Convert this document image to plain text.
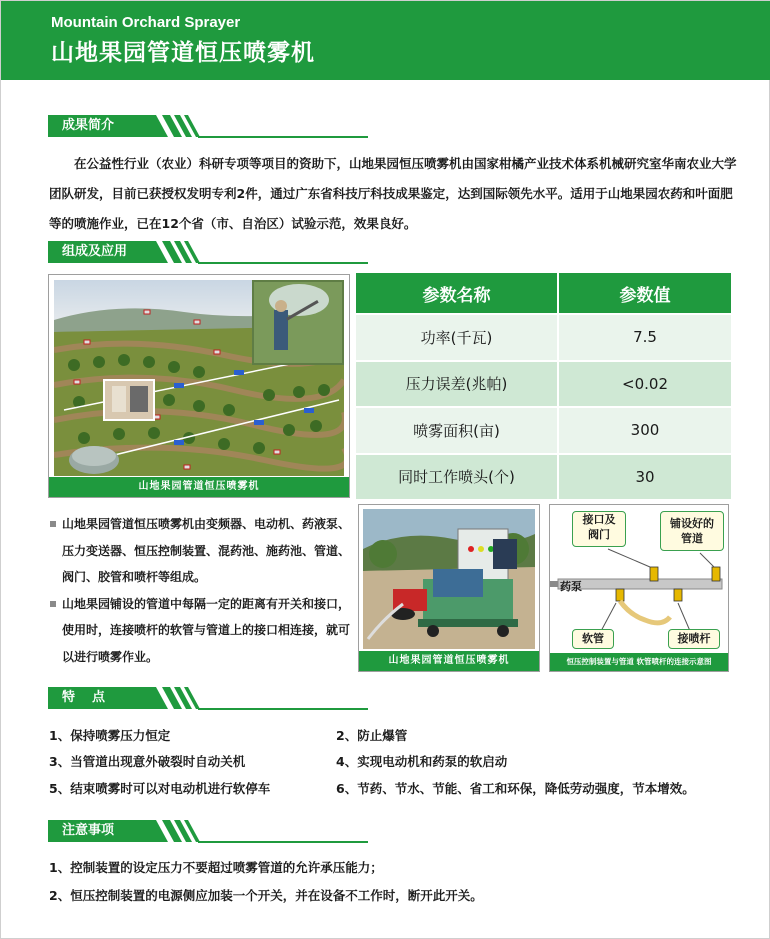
Mountain Orchard Sprayer
山地果园管道恒压喷雾机
成果简介
在公益性行业（农业）科研专项等项目的资助下，山地果园恒压喷雾机由国家柑橘产业技术体系机械研究室华南农业大学团队研发，目前已获授权发明专利2件，通过广东省科技厅科技成果鉴定，达到国际领先水平。适用于山地果园农药和叶面肥等的喷施作业，已在12个省（市、自治区）试验示范，效果良好。
组成及应用
山地果园管道恒压喷雾机
参数名称	参数值
功率(千瓦)	7.5
压力误差(兆帕)	<0.02
喷雾面积(亩)	300
同时工作喷头(个)	30
山地果园管道恒压喷雾机由变频器、电动机、药液泵、压力变送器、恒压控制装置、混药池、施药池、管道、阀门、胶管和喷杆等组成。
山地果园铺设的管道中每隔一定的距离有开关和接口，使用时，连接喷杆的软管与管道上的接口相连接，就可以进行喷雾作业。	山地果园管道恒压喷雾机
接口及
阀门
铺设好的
管道
药泵
软管	接喷杆
恒压控制装置与管道 软管喷杆的连接示意图
特　点
1、保持喷雾压力恒定	2、防止爆管
3、当管道出现意外破裂时自动关机	4、实现电动机和药泵的软启动
5、结束喷雾时可以对电动机进行软停车	6、节药、节水、节能、省工和环保，降低劳动强度，节本增效。
注意事项
1、控制装置的设定压力不要超过喷雾管道的允许承压能力；
2、恒压控制装置的电源侧应加装一个开关，并在设备不工作时，断开此开关。
